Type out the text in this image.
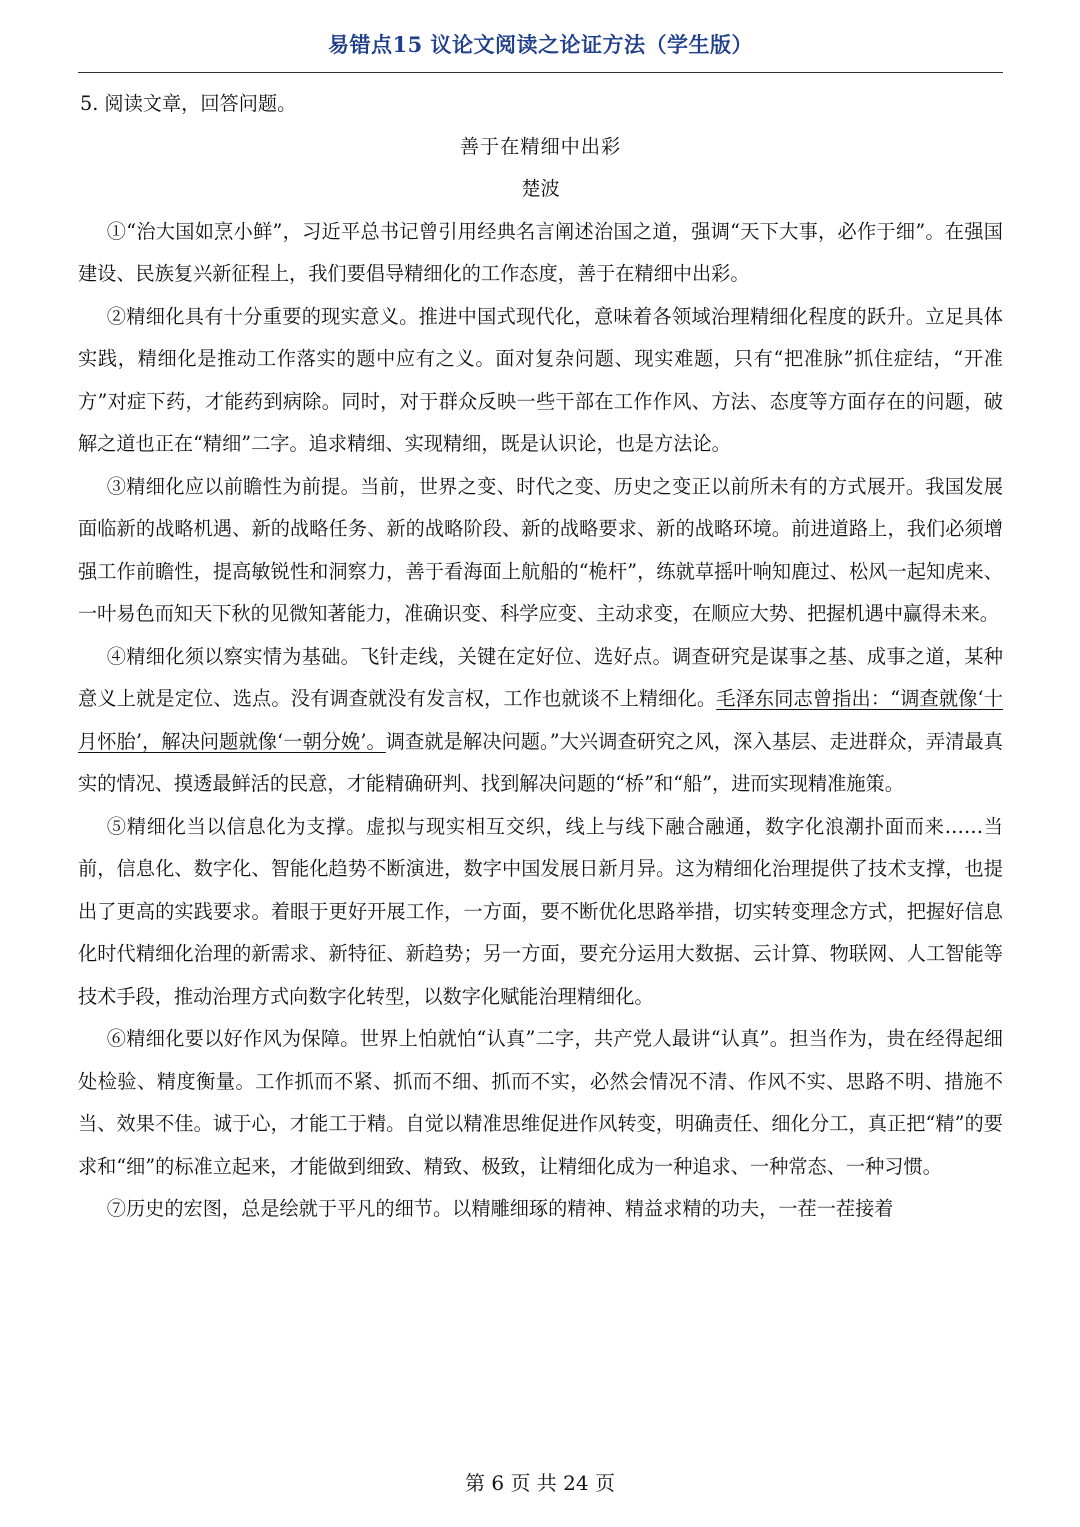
易错点15 议论文阅读之论证方法（学生版）

5. 阅读文章，回答问题。

善于在精细中出彩

楚波

①“治大国如烹小鲜”，习近平总书记曾引用经典名言阐述治国之道，强调“天下大事，必作于细”。在强国建设、民族复兴新征程上，我们要倡导精细化的工作态度，善于在精细中出彩。

②精细化具有十分重要的现实意义。推进中国式现代化，意味着各领域治理精细化程度的跃升。立足具体实践，精细化是推动工作落实的题中应有之义。面对复杂问题、现实难题，只有“把准脉”抓住症结，“开准方”对症下药，才能药到病除。同时，对于群众反映一些干部在工作作风、方法、态度等方面存在的问题，破解之道也正在“精细”二字。追求精细、实现精细，既是认识论，也是方法论。

③精细化应以前瞻性为前提。当前，世界之变、时代之变、历史之变正以前所未有的方式展开。我国发展面临新的战略机遇、新的战略任务、新的战略阶段、新的战略要求、新的战略环境。前进道路上，我们必须增强工作前瞻性，提高敏锐性和洞察力，善于看海面上航船的“桅杆”，练就草摇叶响知鹿过、松风一起知虎来、一叶易色而知天下秋的见微知著能力，准确识变、科学应变、主动求变，在顺应大势、把握机遇中赢得未来。

④精细化须以察实情为基础。飞针走线，关键在定好位、选好点。调查研究是谋事之基、成事之道，某种意义上就是定位、选点。没有调查就没有发言权，工作也就谈不上精细化。毛泽东同志曾指出：“调查就像‘十月怀胎’，解决问题就像‘一朝分娩’。调查就是解决问题。”大兴调查研究之风，深入基层、走进群众，弄清最真实的情况、摸透最鲜活的民意，才能精确研判、找到解决问题的“桥”和“船”，进而实现精准施策。

⑤精细化当以信息化为支撑。虚拟与现实相互交织，线上与线下融合融通，数字化浪潮扑面而来……当前，信息化、数字化、智能化趋势不断演进，数字中国发展日新月异。这为精细化治理提供了技术支撑，也提出了更高的实践要求。着眼于更好开展工作，一方面，要不断优化思路举措，切实转变理念方式，把握好信息化时代精细化治理的新需求、新特征、新趋势；另一方面，要充分运用大数据、云计算、物联网、人工智能等技术手段，推动治理方式向数字化转型，以数字化赋能治理精细化。

⑥精细化要以好作风为保障。世界上怕就怕“认真”二字，共产党人最讲“认真”。担当作为，贵在经得起细处检验、精度衡量。工作抓而不紧、抓而不细、抓而不实，必然会情况不清、作风不实、思路不明、措施不当、效果不佳。诚于心，才能工于精。自觉以精准思维促进作风转变，明确责任、细化分工，真正把“精”的要求和“细”的标准立起来，才能做到细致、精致、极致，让精细化成为一种追求、一种常态、一种习惯。

⑦历史的宏图，总是绘就于平凡的细节。以精雕细琢的精神、精益求精的功夫，一茬一茬接着

第 6 页 共 24 页
